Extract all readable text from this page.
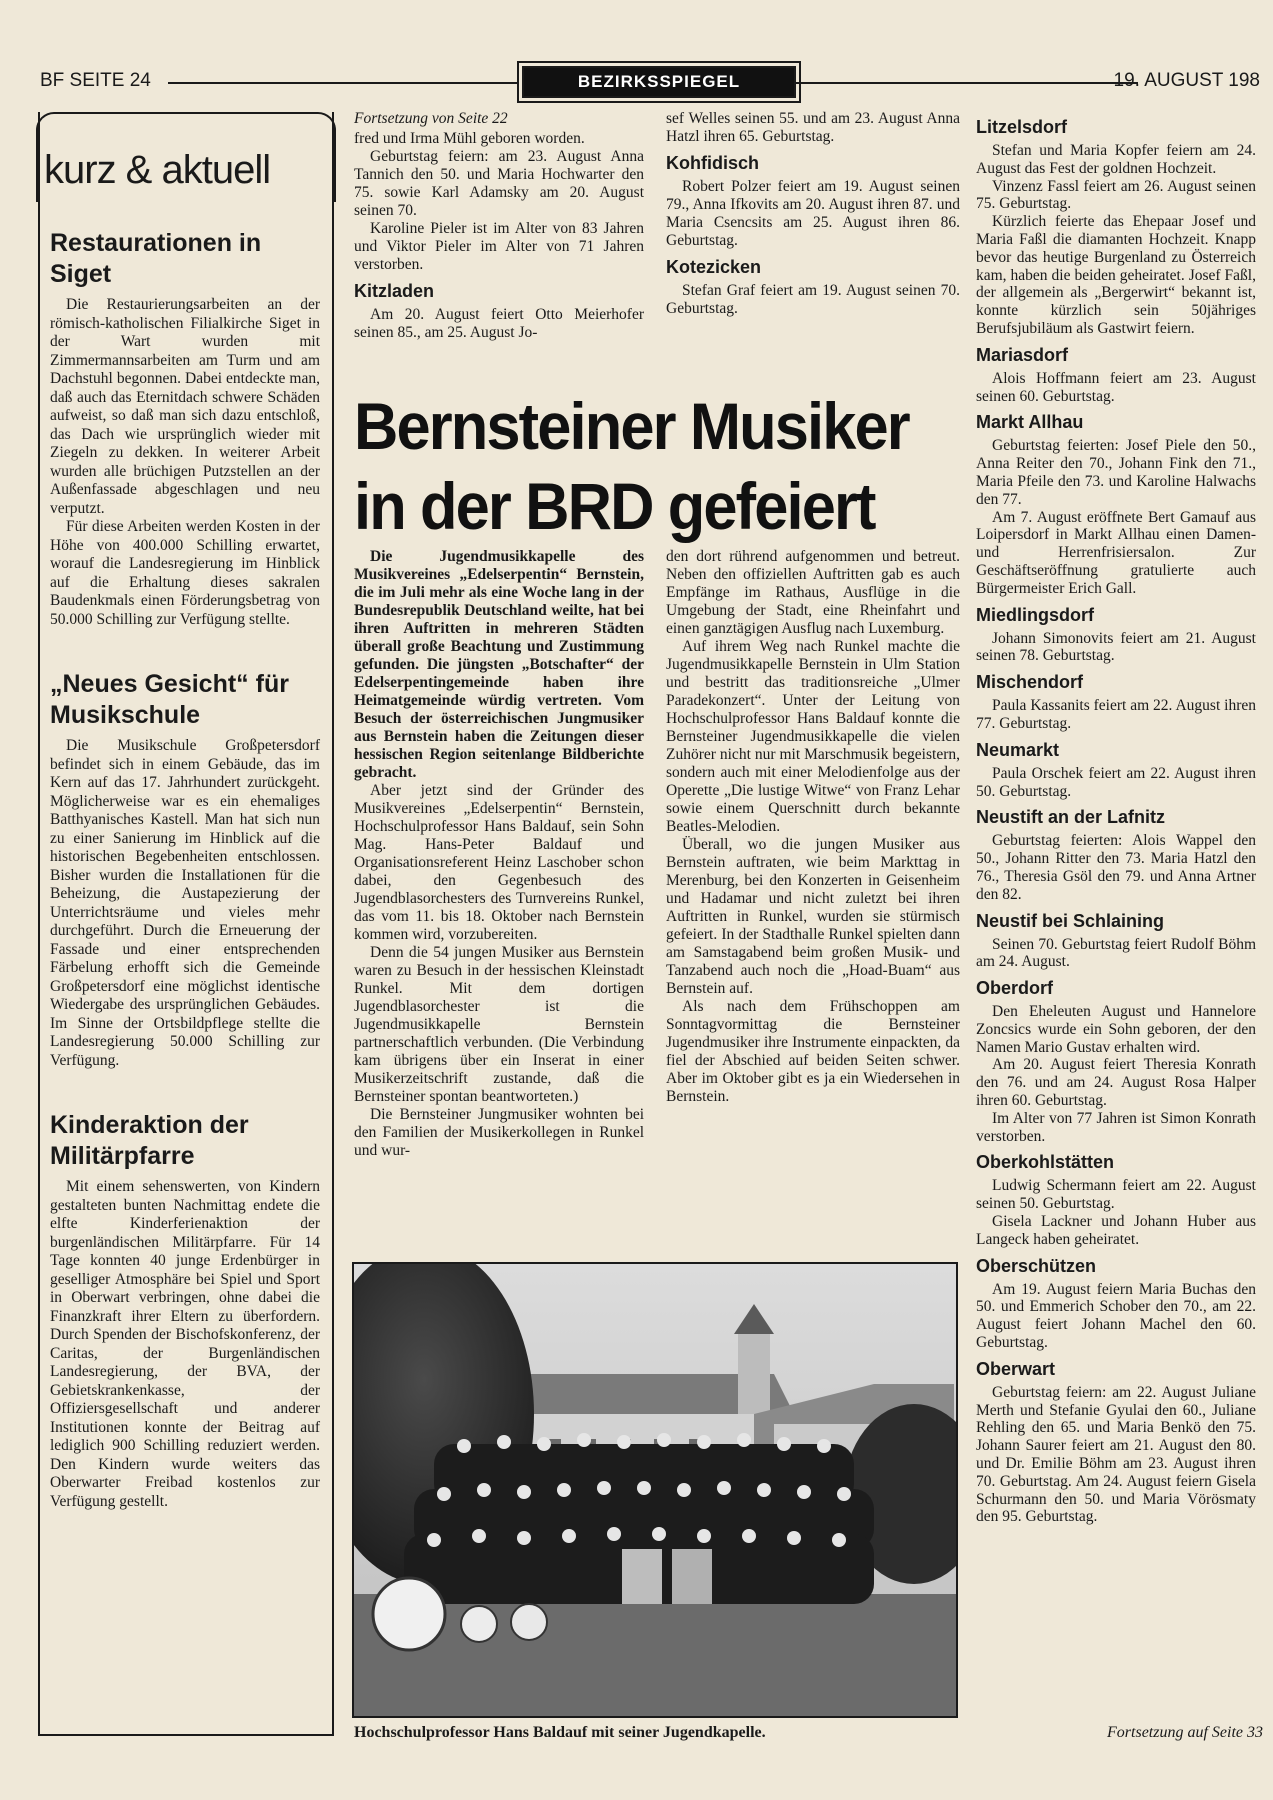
BF SEITE 24	BEZIRKSSPIEGEL	19. AUGUST 198
kurz & aktuell
Restaurationen in Siget

Die Restaurierungsarbeiten an der römisch-katholischen Filialkirche Siget in der Wart wurden mit Zimmermannsarbeiten am Turm und am Dachstuhl begonnen. Dabei entdeckte man, daß auch das Eternitdach schwere Schäden aufweist, so daß man sich dazu entschloß, das Dach wie ursprünglich wieder mit Ziegeln zu dekken. In weiterer Arbeit wurden alle brüchigen Putzstellen an der Außenfassade abgeschlagen und neu verputzt.

Für diese Arbeiten werden Kosten in der Höhe von 400.000 Schilling erwartet, worauf die Landesregierung im Hinblick auf die Erhaltung dieses sakralen Baudenkmals einen Förderungsbetrag von 50.000 Schilling zur Verfügung stellte.

„Neues Gesicht“ für Musikschule

Die Musikschule Großpetersdorf befindet sich in einem Gebäude, das im Kern auf das 17. Jahrhundert zurückgeht. Möglicherweise war es ein ehemaliges Batthyanisches Kastell. Man hat sich nun zu einer Sanierung im Hinblick auf die historischen Begebenheiten entschlossen. Bisher wurden die Installationen für die Beheizung, die Austapezierung der Unterrichtsräume und vieles mehr durchgeführt. Durch die Erneuerung der Fassade und einer entsprechenden Färbelung erhofft sich die Gemeinde Großpetersdorf eine möglichst identische Wiedergabe des ursprünglichen Gebäudes. Im Sinne der Ortsbildpflege stellte die Landesregierung 50.000 Schilling zur Verfügung.

Kinderaktion der Militärpfarre

Mit einem sehenswerten, von Kindern gestalteten bunten Nachmittag endete die elfte Kinderferienaktion der burgenländischen Militärpfarre. Für 14 Tage konnten 40 junge Erdenbürger in geselliger Atmosphäre bei Spiel und Sport in Oberwart verbringen, ohne dabei die Finanzkraft ihrer Eltern zu überfordern. Durch Spenden der Bischofskonferenz, der Caritas, der Burgenländischen Landesregierung, der BVA, der Gebietskrankenkasse, der Offiziersgesellschaft und anderer Institutionen konnte der Beitrag auf lediglich 900 Schilling reduziert werden. Den Kindern wurde weiters das Oberwarter Freibad kostenlos zur Verfügung gestellt.

Fortsetzung von Seite 22

fred und Irma Mühl geboren worden.

Geburtstag feiern: am 23. August Anna Tannich den 50. und Maria Hochwarter den 75. sowie Karl Adamsky am 20. August seinen 70.

Karoline Pieler ist im Alter von 83 Jahren und Viktor Pieler im Alter von 71 Jahren verstorben.

Kitzladen

Am 20. August feiert Otto Meierhofer seinen 85., am 25. August Jo-

sef Welles seinen 55. und am 23. August Anna Hatzl ihren 65. Geburtstag.

Kohfidisch

Robert Polzer feiert am 19. August seinen 79., Anna Ifkovits am 20. August ihren 87. und Maria Csencsits am 25. August ihren 86. Geburtstag.

Kotezicken

Stefan Graf feiert am 19. August seinen 70. Geburtstag.

Bernsteiner Musiker
in der BRD gefeiert

Die Jugendmusikkapelle des Musikvereines „Edelserpentin“ Bernstein, die im Juli mehr als eine Woche lang in der Bundesrepublik Deutschland weilte, hat bei ihren Auftritten in mehreren Städten überall große Beachtung und Zustimmung gefunden. Die jüngsten „Botschafter“ der Edelserpentingemeinde haben ihre Heimatgemeinde würdig vertreten. Vom Besuch der österreichischen Jungmusiker aus Bernstein haben die Zeitungen dieser hessischen Region seitenlange Bildberichte gebracht.

Aber jetzt sind der Gründer des Musikvereines „Edelserpentin“ Bernstein, Hochschulprofessor Hans Baldauf, sein Sohn Mag. Hans-Peter Baldauf und Organisationsreferent Heinz Laschober schon dabei, den Gegenbesuch des Jugendblasorchesters des Turnvereins Runkel, das vom 11. bis 18. Oktober nach Bernstein kommen wird, vorzubereiten.

Denn die 54 jungen Musiker aus Bernstein waren zu Besuch in der hessischen Kleinstadt Runkel. Mit dem dortigen Jugendblasorchester ist die Jugendmusikkapelle Bernstein partnerschaftlich verbunden. (Die Verbindung kam übrigens über ein Inserat in einer Musikerzeitschrift zustande, daß die Bernsteiner spontan beantworteten.)

Die Bernsteiner Jungmusiker wohnten bei den Familien der Musikerkollegen in Runkel und wur-

den dort rührend aufgenommen und betreut. Neben den offiziellen Auftritten gab es auch Empfänge im Rathaus, Ausflüge in die Umgebung der Stadt, eine Rheinfahrt und einen ganztägigen Ausflug nach Luxemburg.

Auf ihrem Weg nach Runkel machte die Jugendmusikkapelle Bernstein in Ulm Station und bestritt das traditionsreiche „Ulmer Paradekonzert“. Unter der Leitung von Hochschulprofessor Hans Baldauf konnte die Bernsteiner Jugendmusikkapelle die vielen Zuhörer nicht nur mit Marschmusik begeistern, sondern auch mit einer Melodienfolge aus der Operette „Die lustige Witwe“ von Franz Lehar sowie einem Querschnitt durch bekannte Beatles-Melodien.

Überall, wo die jungen Musiker aus Bernstein auftraten, wie beim Markttag in Merenburg, bei den Konzerten in Geisenheim und Hadamar und nicht zuletzt bei ihren Auftritten in Runkel, wurden sie stürmisch gefeiert. In der Stadthalle Runkel spielten dann am Samstagabend beim großen Musik- und Tanzabend auch noch die „Hoad-Buam“ aus Bernstein auf.

Als nach dem Frühschoppen am Sonntagvormittag die Bernsteiner Jugendmusiker ihre Instrumente einpackten, da fiel der Abschied auf beiden Seiten schwer. Aber im Oktober gibt es ja ein Wiedersehen in Bernstein.

Hochschulprofessor Hans Baldauf mit seiner Jugendkapelle.
Litzelsdorf

Stefan und Maria Kopfer feiern am 24. August das Fest der goldnen Hochzeit.

Vinzenz Fassl feiert am 26. August seinen 75. Geburtstag.

Kürzlich feierte das Ehepaar Josef und Maria Faßl die diamanten Hochzeit. Knapp bevor das heutige Burgenland zu Österreich kam, haben die beiden geheiratet. Josef Faßl, der allgemein als „Bergerwirt“ bekannt ist, konnte kürzlich sein 50jähriges Berufsjubiläum als Gastwirt feiern.

Mariasdorf

Alois Hoffmann feiert am 23. August seinen 60. Geburtstag.

Markt Allhau

Geburtstag feierten: Josef Piele den 50., Anna Reiter den 70., Johann Fink den 71., Maria Pfeile den 73. und Karoline Halwachs den 77.

Am 7. August eröffnete Bert Gamauf aus Loipersdorf in Markt Allhau einen Damen- und Herrenfrisiersalon. Zur Geschäftseröffnung gratulierte auch Bürgermeister Erich Gall.

Miedlingsdorf

Johann Simonovits feiert am 21. August seinen 78. Geburtstag.

Mischendorf

Paula Kassanits feiert am 22. August ihren 77. Geburtstag.

Neumarkt

Paula Orschek feiert am 22. August ihren 50. Geburtstag.

Neustift an der Lafnitz

Geburtstag feierten: Alois Wappel den 50., Johann Ritter den 73. Maria Hatzl den 76., Theresia Gsöl den 79. und Anna Artner den 82.

Neustif bei Schlaining

Seinen 70. Geburtstag feiert Rudolf Böhm am 24. August.

Oberdorf

Den Eheleuten August und Hannelore Zoncsics wurde ein Sohn geboren, der den Namen Mario Gustav erhalten wird.

Am 20. August feiert Theresia Konrath den 76. und am 24. August Rosa Halper ihren 60. Geburtstag.

Im Alter von 77 Jahren ist Simon Konrath verstorben.

Oberkohlstätten

Ludwig Schermann feiert am 22. August seinen 50. Geburtstag.

Gisela Lackner und Johann Huber aus Langeck haben geheiratet.

Oberschützen

Am 19. August feiern Maria Buchas den 50. und Emmerich Schober den 70., am 22. August feiert Johann Machel den 60. Geburtstag.

Oberwart

Geburtstag feiern: am 22. August Juliane Merth und Stefanie Gyulai den 60., Juliane Rehling den 65. und Maria Benkö den 75. Johann Saurer feiert am 21. August den 80. und Dr. Emilie Böhm am 23. August ihren 70. Geburtstag. Am 24. August feiern Gisela Schurmann den 50. und Maria Vörösmaty den 95. Geburtstag.

Fortsetzung auf Seite 33
